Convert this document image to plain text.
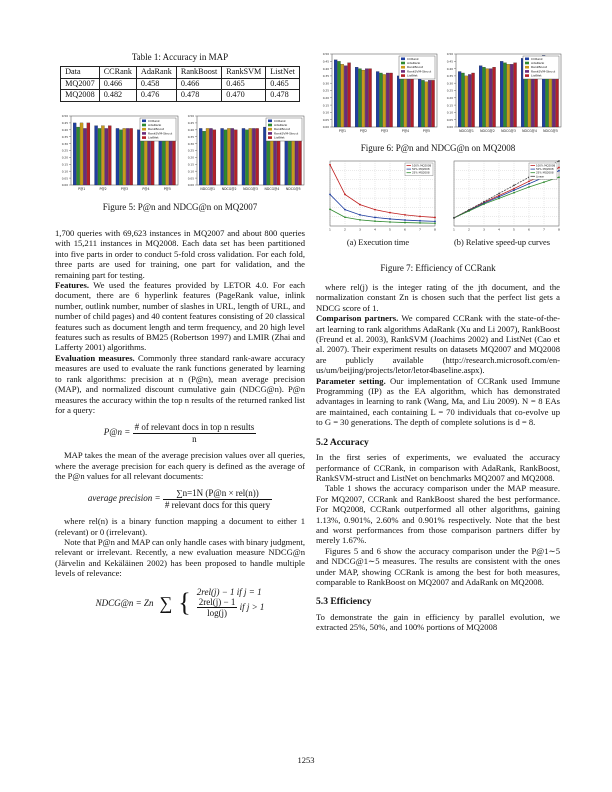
Table 1: Accuracy in MAP
Data	CCRank	AdaRank	RankBoost	RankSVM	ListNet
MQ2007	0.466	0.458	0.466	0.465	0.465
MQ2008	0.482	0.476	0.478	0.470	0.478
0.00
0.05
0.10
0.15
0.20
0.25
0.30
0.35
0.40
0.45
0.50
P@1	P@2	P@3	P@4	P@5
CCRank
AdaRank
RankBoost
RankSVM-Struct
ListNet
0.00
0.05
0.10
0.15
0.20
0.25
0.30
0.35
0.40
0.45
0.50
NDCG@1 NDCG@2 NDCG@3 NDCG@4 NDCG@5
CCRank
AdaRank
RankBoost
RankSVM-Struct
ListNet
Figure 5: P@n and NDCG@n on MQ2007

1,700 queries with 69,623 instances in MQ2007 and about 800 queries with 15,211 instances in MQ2008. Each data set has been partitioned into five parts in order to conduct 5-fold cross validation. For each fold, three parts are used for training, one part for validation, and the remaining part for testing.

Features. We used the features provided by LETOR 4.0. For each document, there are 6 hyperlink features (PageRank value, inlink number, outlink number, number of slashes in URL, length of URL, and number of child pages) and 40 content features consisting of 20 classical features such as document length and term frequency, and 20 high level features such as results of BM25 (Robertson 1997) and LMIR (Zhai and Lafferty 2001) algorithms.

Evaluation measures. Commonly three standard rank-aware accuracy measures are used to evaluate the rank functions generated by learning to rank algorithms: precision at n (P@n), mean average precision (MAP), and normalized discount cumulative gain (NDCG@n). P@n measures the accuracy within the top n results of the returned ranked list for a query:

P@n = $\frac{\text{\# of relevant docs in top n results}}{n}$

MAP takes the mean of the average precision values over all queries, where the average precision for each query is defined as the average of the P@n values for all relevant documents:

average precision = $\frac{\text{∑n=1N (P@n × rel(n))}}{\text{\# relevant docs for this query}}$

where rel(n) is a binary function mapping a document to either 1 (relevant) or 0 (irrelevant).

Note that P@n and MAP can only handle cases with binary judgment, relevant or irrelevant. Recently, a new evaluation measure NDCG@n (Järvelin and Kekäläinen 2002) has been proposed to handle multiple levels of relevance:

NDCG@n = Zn ∑ { 2rel(j) − 1 if j = 1
$\frac{\text{2rel(j) − 1}}{\log(j)}$ if j > 1
0.00
0.05
0.10
0.15
0.20
0.25
0.30
0.35
0.40
0.45
0.50
P@1	P@2	P@3	P@4	P@5
CCRank
AdaRank
RankBoost
RankSVM-Struct
ListNet
0.00
0.05
0.10
0.15
0.20
0.25
0.30
0.35
0.40
0.45
0.50
NDCG@1 NDCG@2 NDCG@3 NDCG@4 NDCG@5
CCRank
AdaRank
RankBoost
RankSVM-Struct
ListNet
Figure 6: P@n and NDCG@n on MQ2008
1	2	3	4	5	6	7	8
100% MQ2008
50% MQ2008
25% MQ2008
1	2	3	4	5	6	7	8
100% MQ2008
50% MQ2008
25% MQ2008
Linear
(a) Execution time	(b) Relative speed-up curves
Figure 7: Efficiency of CCRank

where rel(j) is the integer rating of the jth document, and the normalization constant Zn is chosen such that the perfect list gets a NDCG score of 1.

Comparison partners. We compared CCRank with the state-of-the-art learning to rank algorithms AdaRank (Xu and Li 2007), RankBoost (Freund et al. 2003), RankSVM (Joachims 2002) and ListNet (Cao et al. 2007). Their experiment results on datasets MQ2007 and MQ2008 are publicly available (http://research.microsoft.com/en-us/um/beijing/projects/letor/letor4baseline.aspx).

Parameter setting. Our implementation of CCRank used Immune Programming (IP) as the EA algorithm, which has demonstrated advantages in learning to rank (Wang, Ma, and Liu 2009). N = 8 EAs are maintained, each containing L = 70 individuals that co-evolve up to G = 30 generations. The depth of complete solutions is d = 8.

5.2 Accuracy

In the first series of experiments, we evaluated the accuracy performance of CCRank, in comparison with AdaRank, RankBoost, RankSVM-struct and ListNet on benchmarks MQ2007 and MQ2008.

Table 1 shows the accuracy comparison under the MAP measure. For MQ2007, CCRank and RankBoost shared the best performance. For MQ2008, CCRank outperformed all other algorithms, gaining 1.13%, 0.901%, 2.60% and 0.901% respectively. Note that the best and worst performances from those comparison partners differ by merely 1.67%.

Figures 5 and 6 show the accuracy comparison under the P@1∼5 and NDCG@1∼5 measures. The results are consistent with the ones under MAP, showing CCRank is among the best for both measures, comparable to RankBoost on MQ2007 and AdaRank on MQ2008.

5.3 Efficiency

To demonstrate the gain in efficiency by parallel evolution, we extracted 25%, 50%, and 100% portions of MQ2008

1253
